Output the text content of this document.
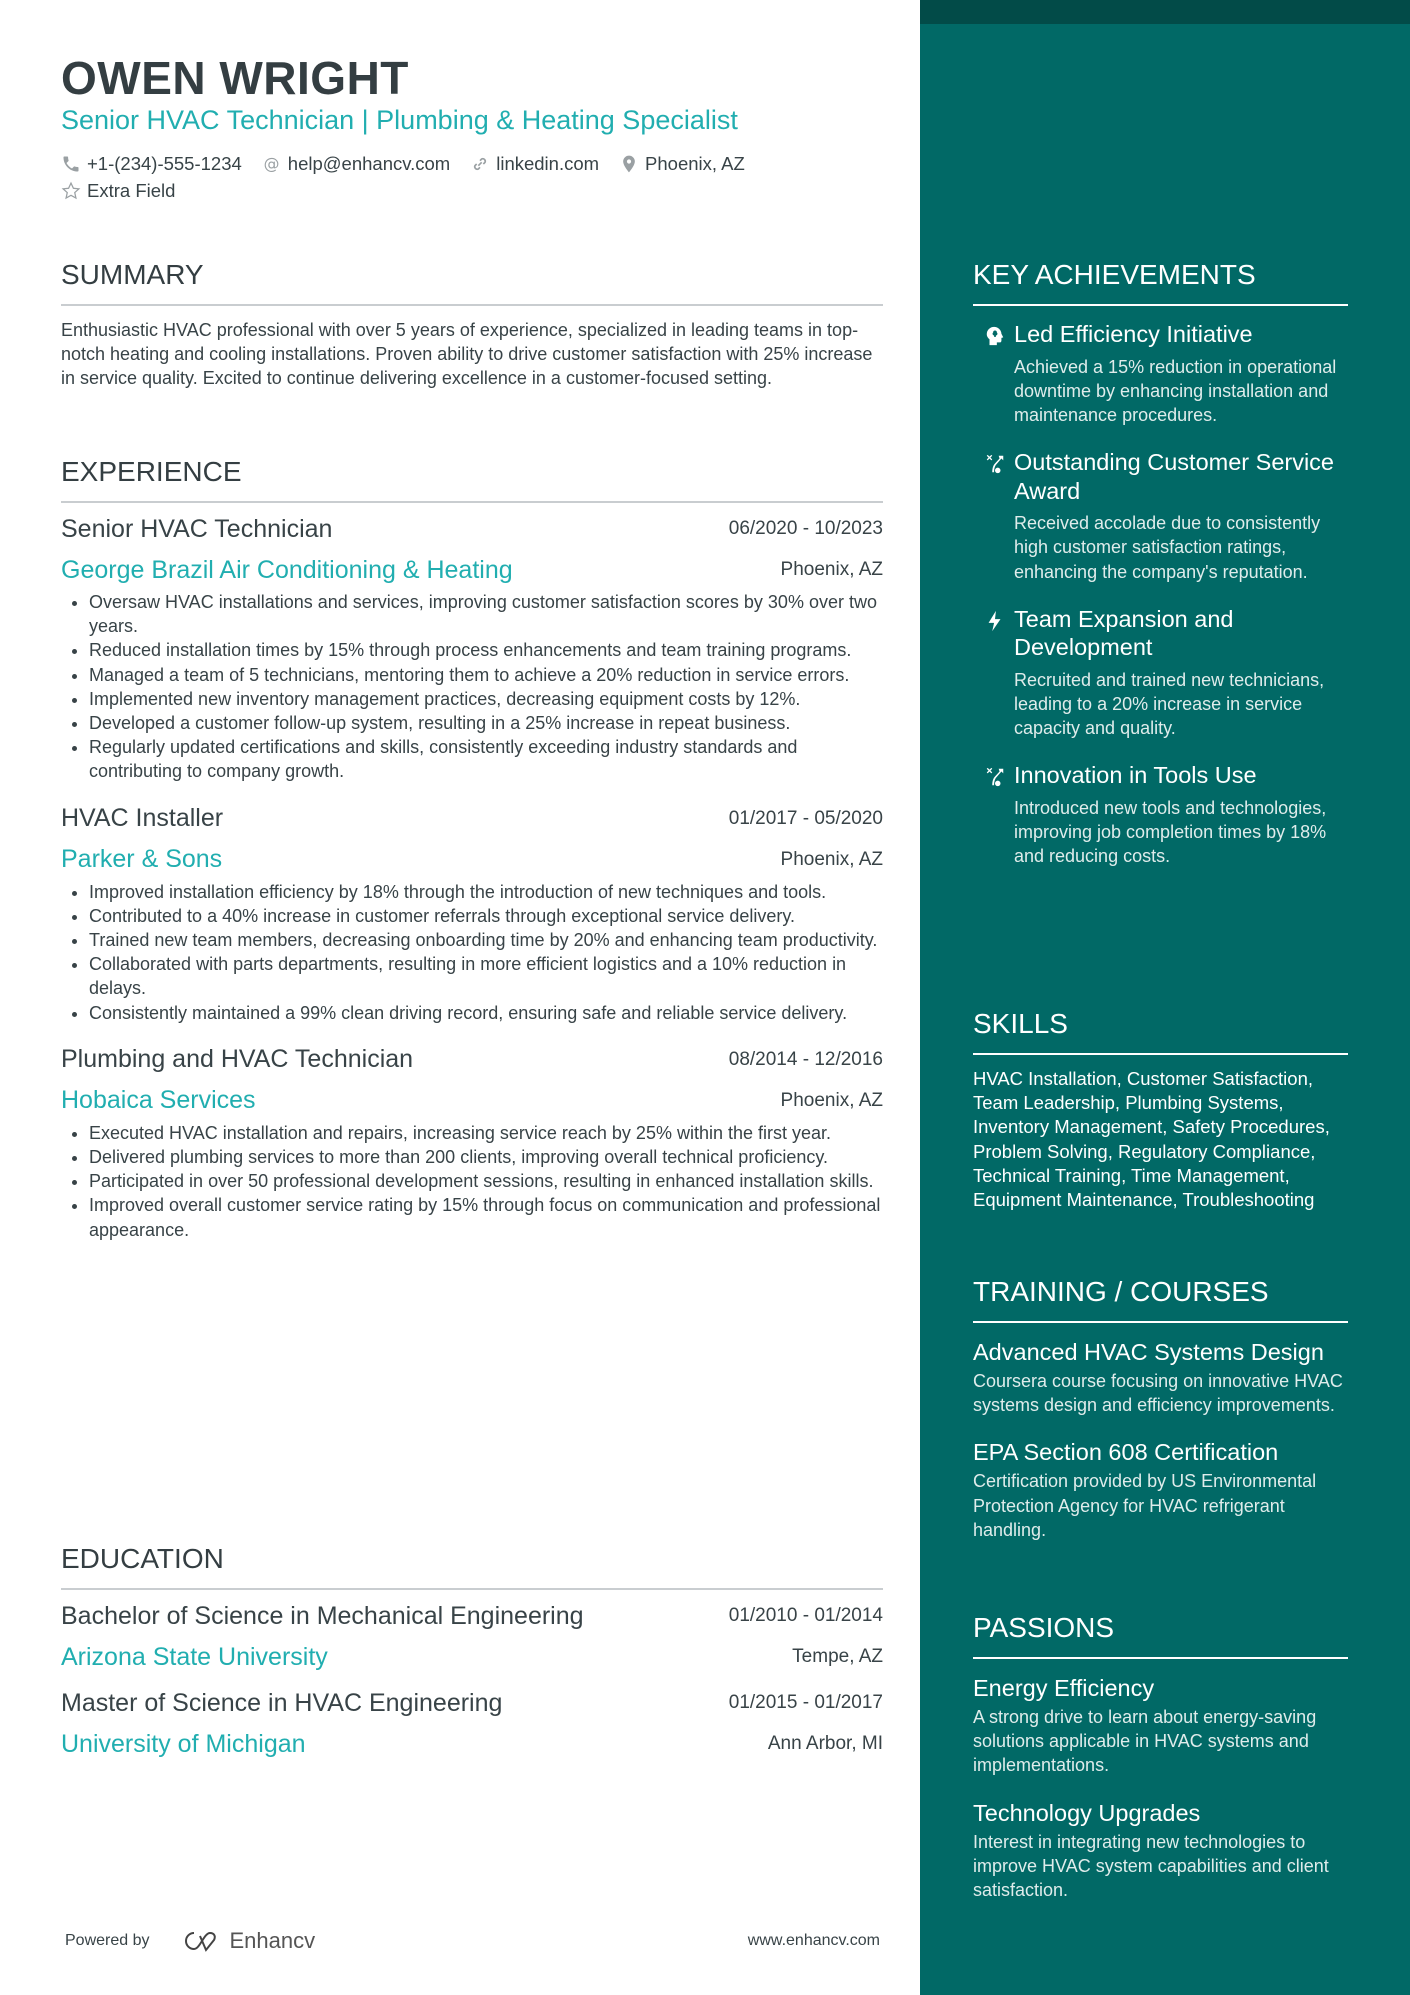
OWEN WRIGHT
Senior HVAC Technician | Plumbing & Heating Specialist
+1-(234)-555-1234 @ help@enhancv.com linkedin.com Phoenix, AZ
Extra Field
SUMMARY
Enthusiastic HVAC professional with over 5 years of experience, specialized in leading teams in top-notch heating and cooling installations. Proven ability to drive customer satisfaction with 25% increase in service quality. Excited to continue delivering excellence in a customer-focused setting.
EXPERIENCE
Senior HVAC Technician	06/2020 - 10/2023
George Brazil Air Conditioning & Heating	Phoenix, AZ
• Oversaw HVAC installations and services, improving customer satisfaction scores by 30% over two years.
• Reduced installation times by 15% through process enhancements and team training programs.
• Managed a team of 5 technicians, mentoring them to achieve a 20% reduction in service errors.
• Implemented new inventory management practices, decreasing equipment costs by 12%.
• Developed a customer follow-up system, resulting in a 25% increase in repeat business.
• Regularly updated certifications and skills, consistently exceeding industry standards and contributing to company growth.
HVAC Installer	01/2017 - 05/2020
Parker & Sons	Phoenix, AZ
• Improved installation efficiency by 18% through the introduction of new techniques and tools.
• Contributed to a 40% increase in customer referrals through exceptional service delivery.
• Trained new team members, decreasing onboarding time by 20% and enhancing team productivity.
• Collaborated with parts departments, resulting in more efficient logistics and a 10% reduction in delays.
• Consistently maintained a 99% clean driving record, ensuring safe and reliable service delivery.
Plumbing and HVAC Technician	08/2014 - 12/2016
Hobaica Services	Phoenix, AZ
• Executed HVAC installation and repairs, increasing service reach by 25% within the first year.
• Delivered plumbing services to more than 200 clients, improving overall technical proficiency.
• Participated in over 50 professional development sessions, resulting in enhanced installation skills.
• Improved overall customer service rating by 15% through focus on communication and professional appearance.
EDUCATION
Bachelor of Science in Mechanical Engineering	01/2010 - 01/2014
Arizona State University	Tempe, AZ
Master of Science in HVAC Engineering	01/2015 - 01/2017
University of Michigan	Ann Arbor, MI
KEY ACHIEVEMENTS
Led Efficiency Initiative
Achieved a 15% reduction in operational downtime by enhancing installation and maintenance procedures.
Outstanding Customer Service Award
Received accolade due to consistently high customer satisfaction ratings, enhancing the company's reputation.
Team Expansion and Development
Recruited and trained new technicians, leading to a 20% increase in service capacity and quality.
Innovation in Tools Use
Introduced new tools and technologies, improving job completion times by 18% and reducing costs.
SKILLS
HVAC Installation, Customer Satisfaction, Team Leadership, Plumbing Systems, Inventory Management, Safety Procedures, Problem Solving, Regulatory Compliance, Technical Training, Time Management, Equipment Maintenance, Troubleshooting
TRAINING / COURSES
Advanced HVAC Systems Design
Coursera course focusing on innovative HVAC systems design and efficiency improvements.
EPA Section 608 Certification
Certification provided by US Environmental Protection Agency for HVAC refrigerant handling.
PASSIONS
Energy Efficiency
A strong drive to learn about energy-saving solutions applicable in HVAC systems and implementations.
Technology Upgrades
Interest in integrating new technologies to improve HVAC system capabilities and client satisfaction.
Powered by	Enhancv	www.enhancv.com
